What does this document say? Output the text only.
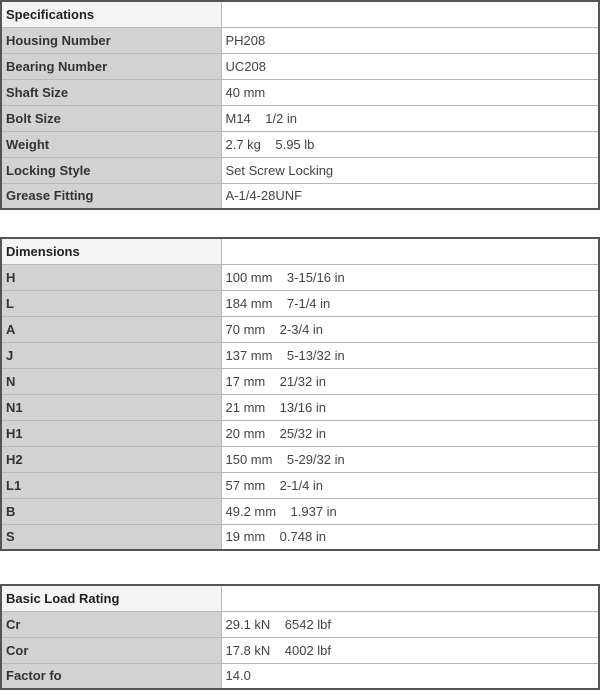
Specifications	
Housing Number	PH208
Bearing Number	UC208
Shaft Size	40 mm
Bolt Size	M14    1/2 in
Weight	2.7 kg    5.95 lb
Locking Style	Set Screw Locking
Grease Fitting	A-1/4-28UNF
Dimensions	
H	100 mm    3-15/16 in
L	184 mm    7-1/4 in
A	70 mm    2-3/4 in
J	137 mm    5-13/32 in
N	17 mm    21/32 in
N1	21 mm    13/16 in
H1	20 mm    25/32 in
H2	150 mm    5-29/32 in
L1	57 mm    2-1/4 in
B	49.2 mm    1.937 in
S	19 mm    0.748 in
Basic Load Rating	
Cr	29.1 kN    6542 lbf
Cor	17.8 kN    4002 lbf
Factor fo	14.0
